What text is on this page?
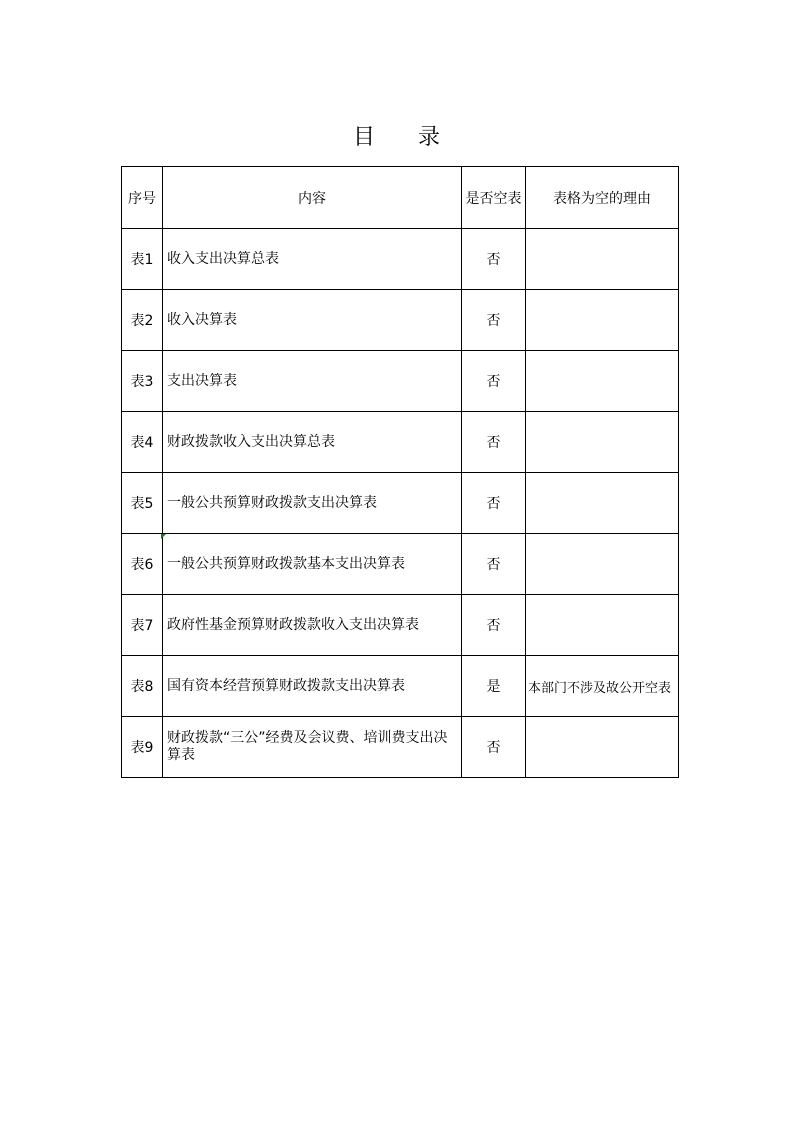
目 录
序号	内容	是否空表	表格为空的理由
表1	收入支出决算总表	否	
表2	收入决算表	否	
表3	支出决算表	否	
表4	财政拨款收入支出决算总表	否	
表5	一般公共预算财政拨款支出决算表	否	
表6	一般公共预算财政拨款基本支出决算表	否	
表7	政府性基金预算财政拨款收入支出决算表	否	
表8	国有资本经营预算财政拨款支出决算表	是	本部门不涉及故公开空表
表9	财政拨款“三公”经费及会议费、培训费支出决算表	否	
